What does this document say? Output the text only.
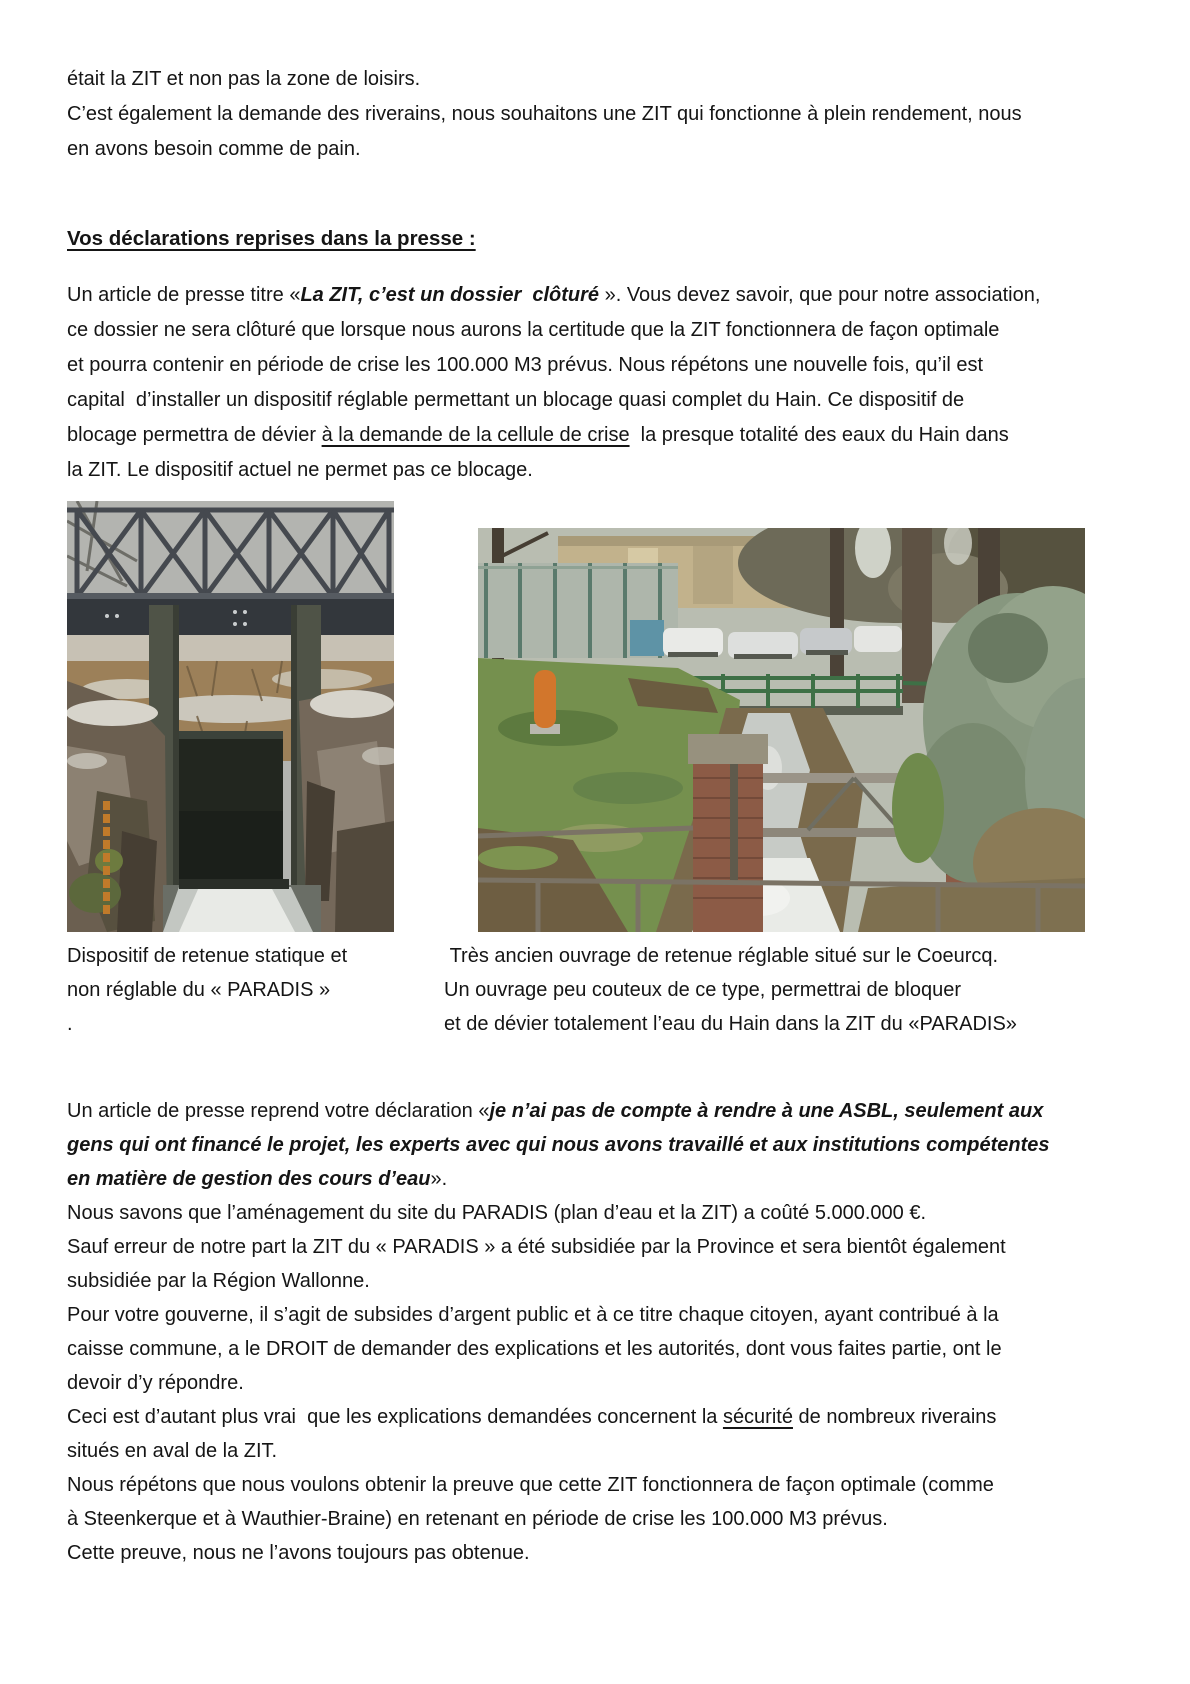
était la ZIT et non pas la zone de loisirs.
C’est également la demande des riverains, nous souhaitons une ZIT qui fonctionne à plein rendement, nous
en avons besoin comme de pain.
Vos déclarations reprises dans la presse :
Un article de presse titre «La ZIT, c’est un dossier  clôturé ». Vous devez savoir, que pour notre association,
ce dossier ne sera clôturé que lorsque nous aurons la certitude que la ZIT fonctionnera de façon optimale
et pourra contenir en période de crise les 100.000 M3 prévus. Nous répétons une nouvelle fois, qu’il est
capital  d’installer un dispositif réglable permettant un blocage quasi complet du Hain. Ce dispositif de
blocage permettra de dévier à la demande de la cellule de crise  la presque totalité des eaux du Hain dans
la ZIT. Le dispositif actuel ne permet pas ce blocage.
Dispositif de retenue statique et
non réglable du « PARADIS »
.
Très ancien ouvrage de retenue réglable situé sur le Coeurcq.
Un ouvrage peu couteux de ce type, permettrai de bloquer
et de dévier totalement l’eau du Hain dans la ZIT du «PARADIS»
Un article de presse reprend votre déclaration «je n’ai pas de compte à rendre à une ASBL, seulement aux
gens qui ont financé le projet, les experts avec qui nous avons travaillé et aux institutions compétentes
en matière de gestion des cours d’eau».
Nous savons que l’aménagement du site du PARADIS (plan d’eau et la ZIT) a coûté 5.000.000 €.
Sauf erreur de notre part la ZIT du « PARADIS » a été subsidiée par la Province et sera bientôt également
subsidiée par la Région Wallonne.
Pour votre gouverne, il s’agit de subsides d’argent public et à ce titre chaque citoyen, ayant contribué à la
caisse commune, a le DROIT de demander des explications et les autorités, dont vous faites partie, ont le
devoir d’y répondre.
Ceci est d’autant plus vrai  que les explications demandées concernent la sécurité de nombreux riverains
situés en aval de la ZIT.
Nous répétons que nous voulons obtenir la preuve que cette ZIT fonctionnera de façon optimale (comme
à Steenkerque et à Wauthier-Braine) en retenant en période de crise les 100.000 M3 prévus.
Cette preuve, nous ne l’avons toujours pas obtenue.
